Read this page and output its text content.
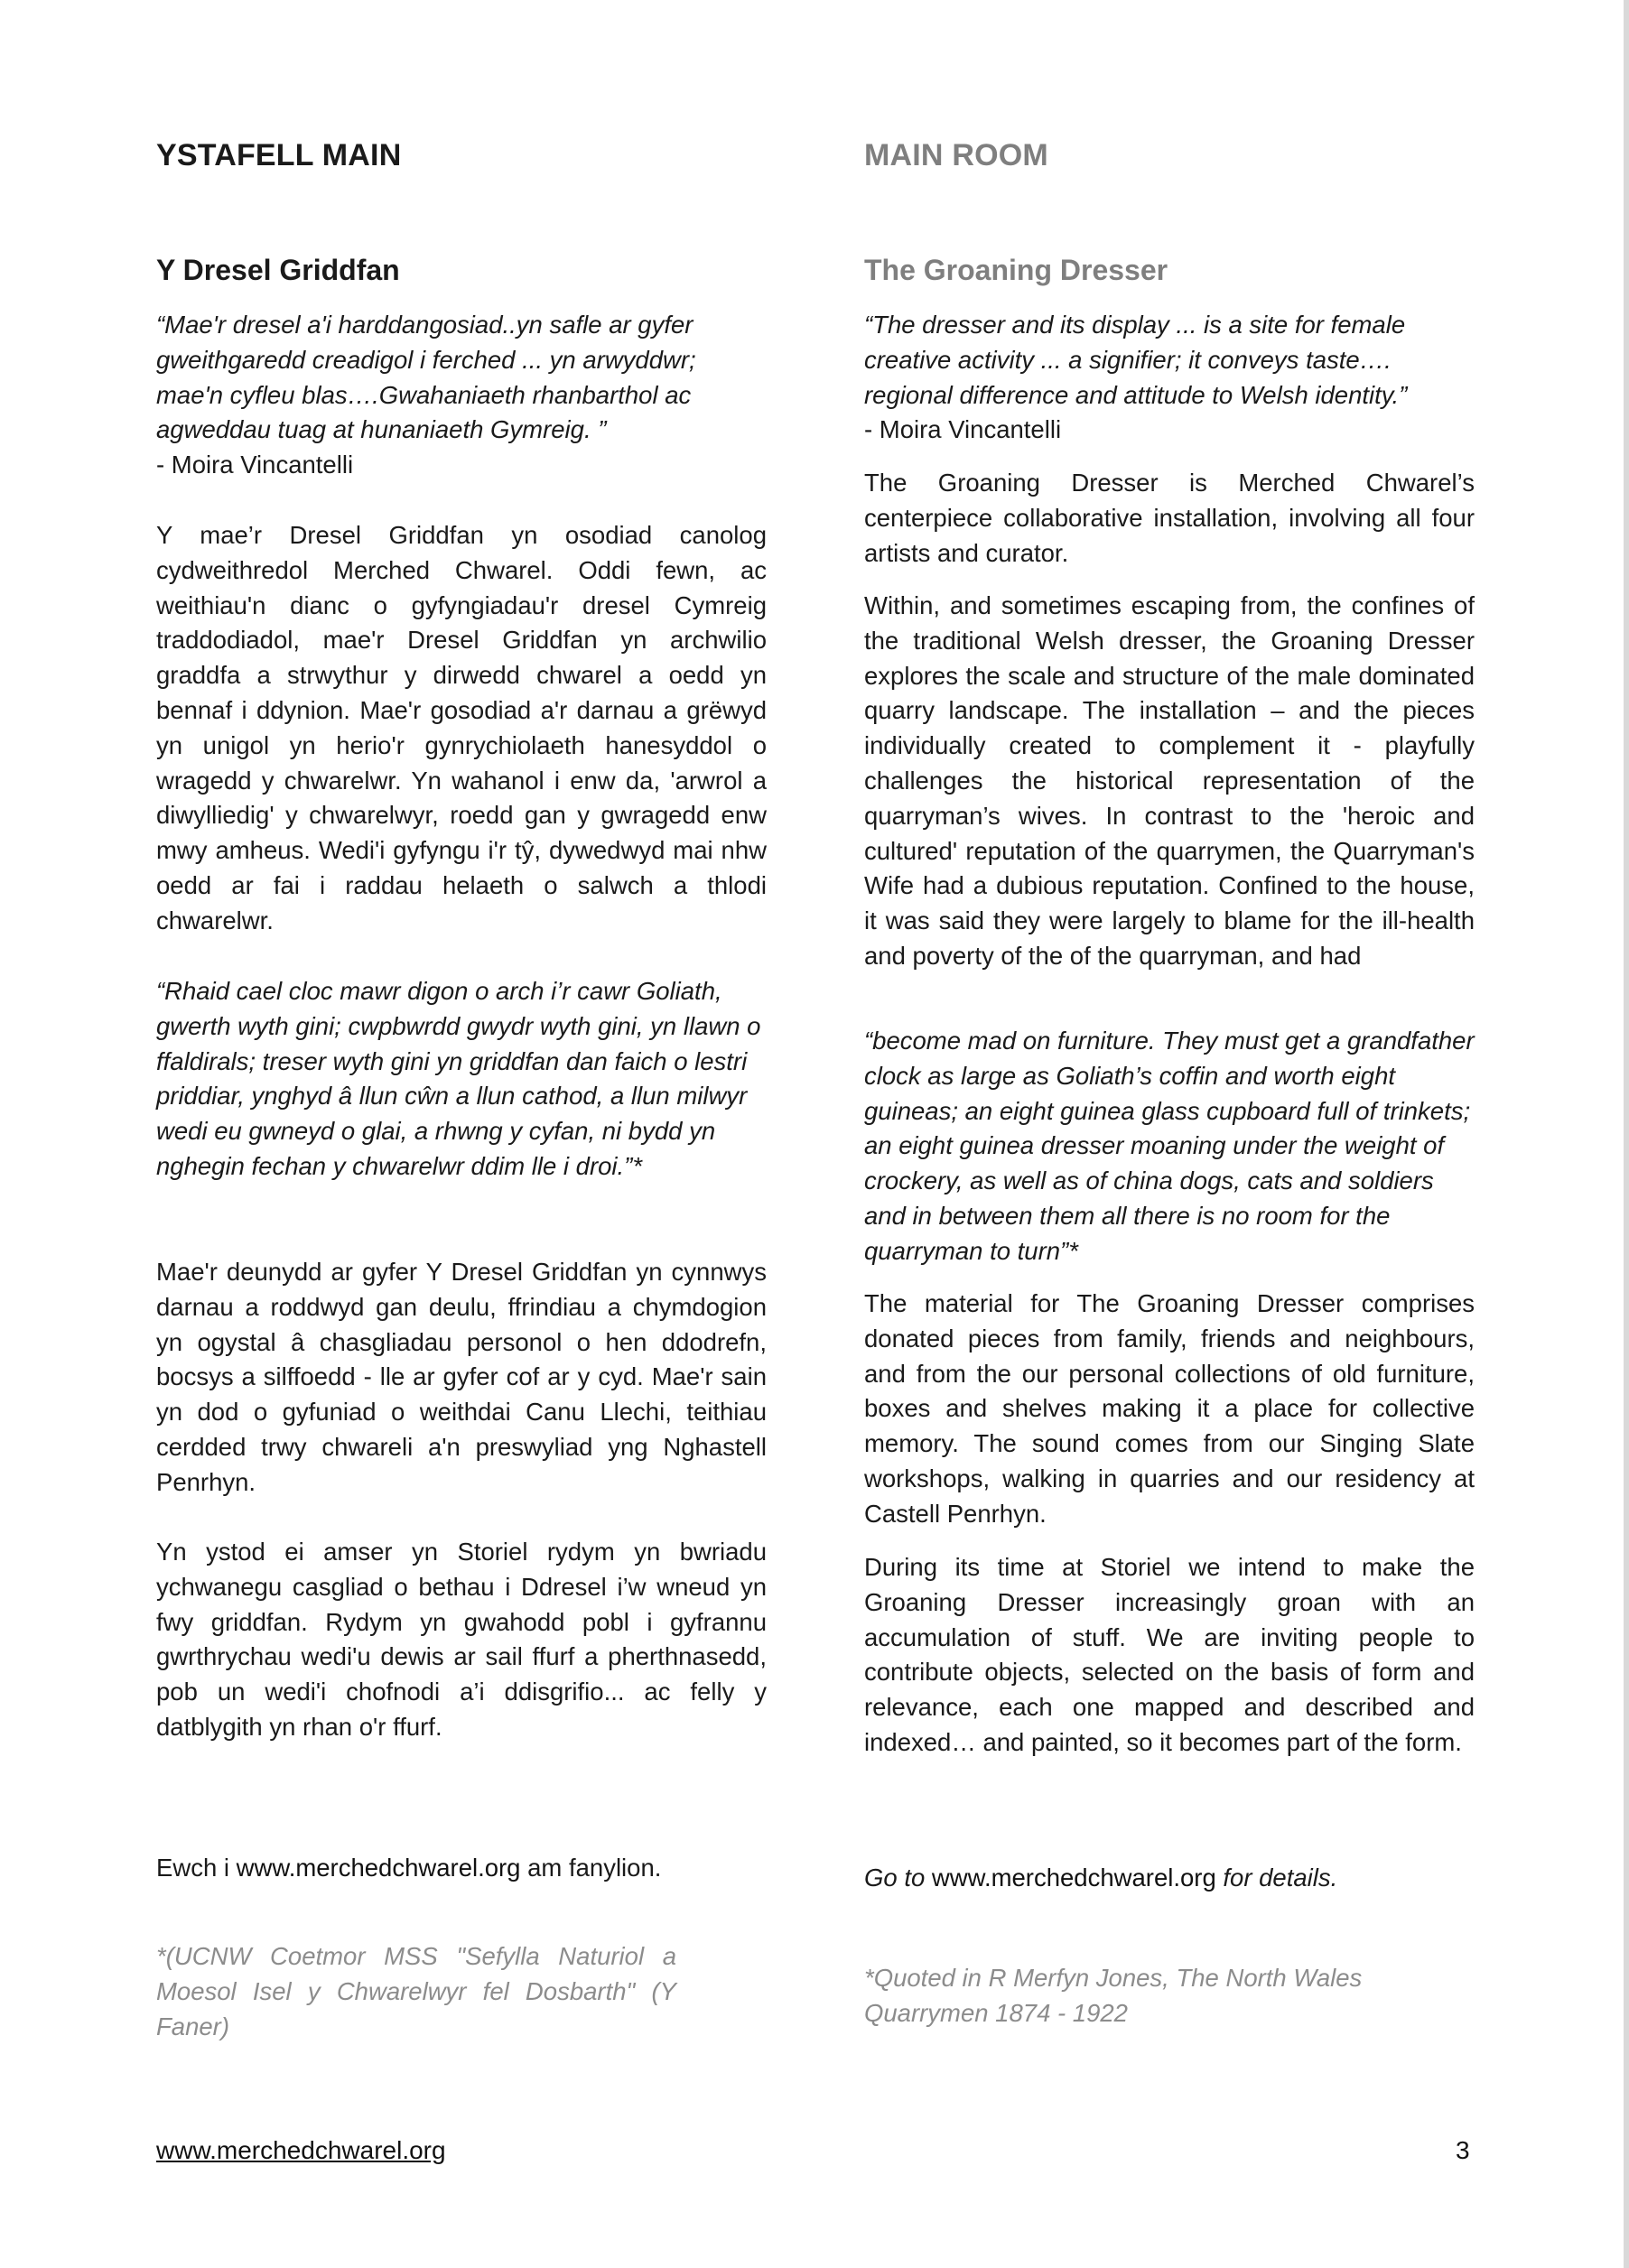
YSTAFELL MAIN
Y Dresel Griddfan
“Mae'r dresel a'i harddangosiad..yn safle ar gyfer gweithgaredd creadigol i ferched ... yn arwyddwr; mae'n cyfleu blas….Gwahaniaeth rhanbarthol ac agweddau tuag at hunaniaeth Gymreig. ”
- Moira Vincantelli

Y mae’r Dresel Griddfan yn osodiad canolog cydweithredol Merched Chwarel. Oddi fewn, ac weithiau'n dianc o gyfyngiadau'r dresel Cymreig traddodiadol, mae'r Dresel Griddfan yn archwilio graddfa a strwythur y dirwedd chwarel a oedd yn bennaf i ddynion. Mae'r gosodiad a'r darnau a grëwyd yn unigol yn herio'r gynrychiolaeth hanesyddol o wragedd y chwarelwr. Yn wahanol i enw da, 'arwrol a diwylliedig' y chwarelwyr, roedd gan y gwragedd enw mwy amheus. Wedi'i gyfyngu i'r tŷ, dywedwyd mai nhw oedd ar fai i raddau helaeth o salwch a thlodi chwarelwr.

“Rhaid cael cloc mawr digon o arch i’r cawr Goliath, gwerth wyth gini; cwpbwrdd gwydr wyth gini, yn llawn o ffaldirals; treser wyth gini yn griddfan dan faich o lestri priddiar, ynghyd â llun cŵn a llun cathod, a llun milwyr wedi eu gwneyd o glai, a rhwng y cyfan, ni bydd yn nghegin fechan y chwarelwr ddim lle i droi.”*

Mae'r deunydd ar gyfer Y Dresel Griddfan yn cynnwys darnau a roddwyd gan deulu, ffrindiau a chymdogion yn ogystal â chasgliadau personol o hen ddodrefn, bocsys a silffoedd - lle ar gyfer cof ar y cyd. Mae'r sain yn dod o gyfuniad o weithdai Canu Llechi, teithiau cerdded trwy chwareli a'n preswyliad yng Nghastell Penrhyn.

Yn ystod ei amser yn Storiel rydym yn bwriadu ychwanegu casgliad o bethau i Ddresel i’w wneud yn fwy griddfan. Rydym yn gwahodd pobl i gyfrannu gwrthrychau wedi'u dewis ar sail ffurf a pherthnasedd, pob un wedi'i chofnodi a’i ddisgrifio... ac felly y datblygith yn rhan o'r ffurf.

Ewch i www.merchedchwarel.org am fanylion.

*(UCNW Coetmor MSS "Sefylla Naturiol a Moesol Isel y Chwarelwyr fel Dosbarth" (Y Faner)

MAIN ROOM
The Groaning Dresser
“The dresser and its display ... is a site for female creative activity ... a signifier; it conveys taste…. regional difference and attitude to Welsh identity.”
- Moira Vincantelli

The Groaning Dresser is Merched Chwarel’s centerpiece collaborative installation, involving all four artists and curator.

Within, and sometimes escaping from, the confines of the traditional Welsh dresser, the Groaning Dresser explores the scale and structure of the male dominated quarry landscape. The installation – and the pieces individually created to complement it - playfully challenges the historical representation of the quarryman’s wives. In contrast to the 'heroic and cultured' reputation of the quarrymen, the Quarryman's Wife had a dubious reputation. Confined to the house, it was said they were largely to blame for the ill-health and poverty of the of the quarryman, and had

“become mad on furniture. They must get a grandfather clock as large as Goliath’s coffin and worth eight guineas; an eight guinea glass cupboard full of trinkets; an eight guinea dresser moaning under the weight of crockery, as well as of china dogs, cats and soldiers and in between them all there is no room for the quarryman to turn”*

The material for The Groaning Dresser comprises donated pieces from family, friends and neighbours, and from the our personal collections of old furniture, boxes and shelves making it a place for collective memory. The sound comes from our Singing Slate workshops, walking in quarries and our residency at Castell Penrhyn.

During its time at Storiel we intend to make the Groaning Dresser increasingly groan with an accumulation of stuff. We are inviting people to contribute objects, selected on the basis of form and relevance, each one mapped and described and indexed… and painted, so it becomes part of the form.

Go to www.merchedchwarel.org for details.

*Quoted in R Merfyn Jones, The North Wales Quarrymen 1874 - 1922

www.merchedchwarel.org	3
